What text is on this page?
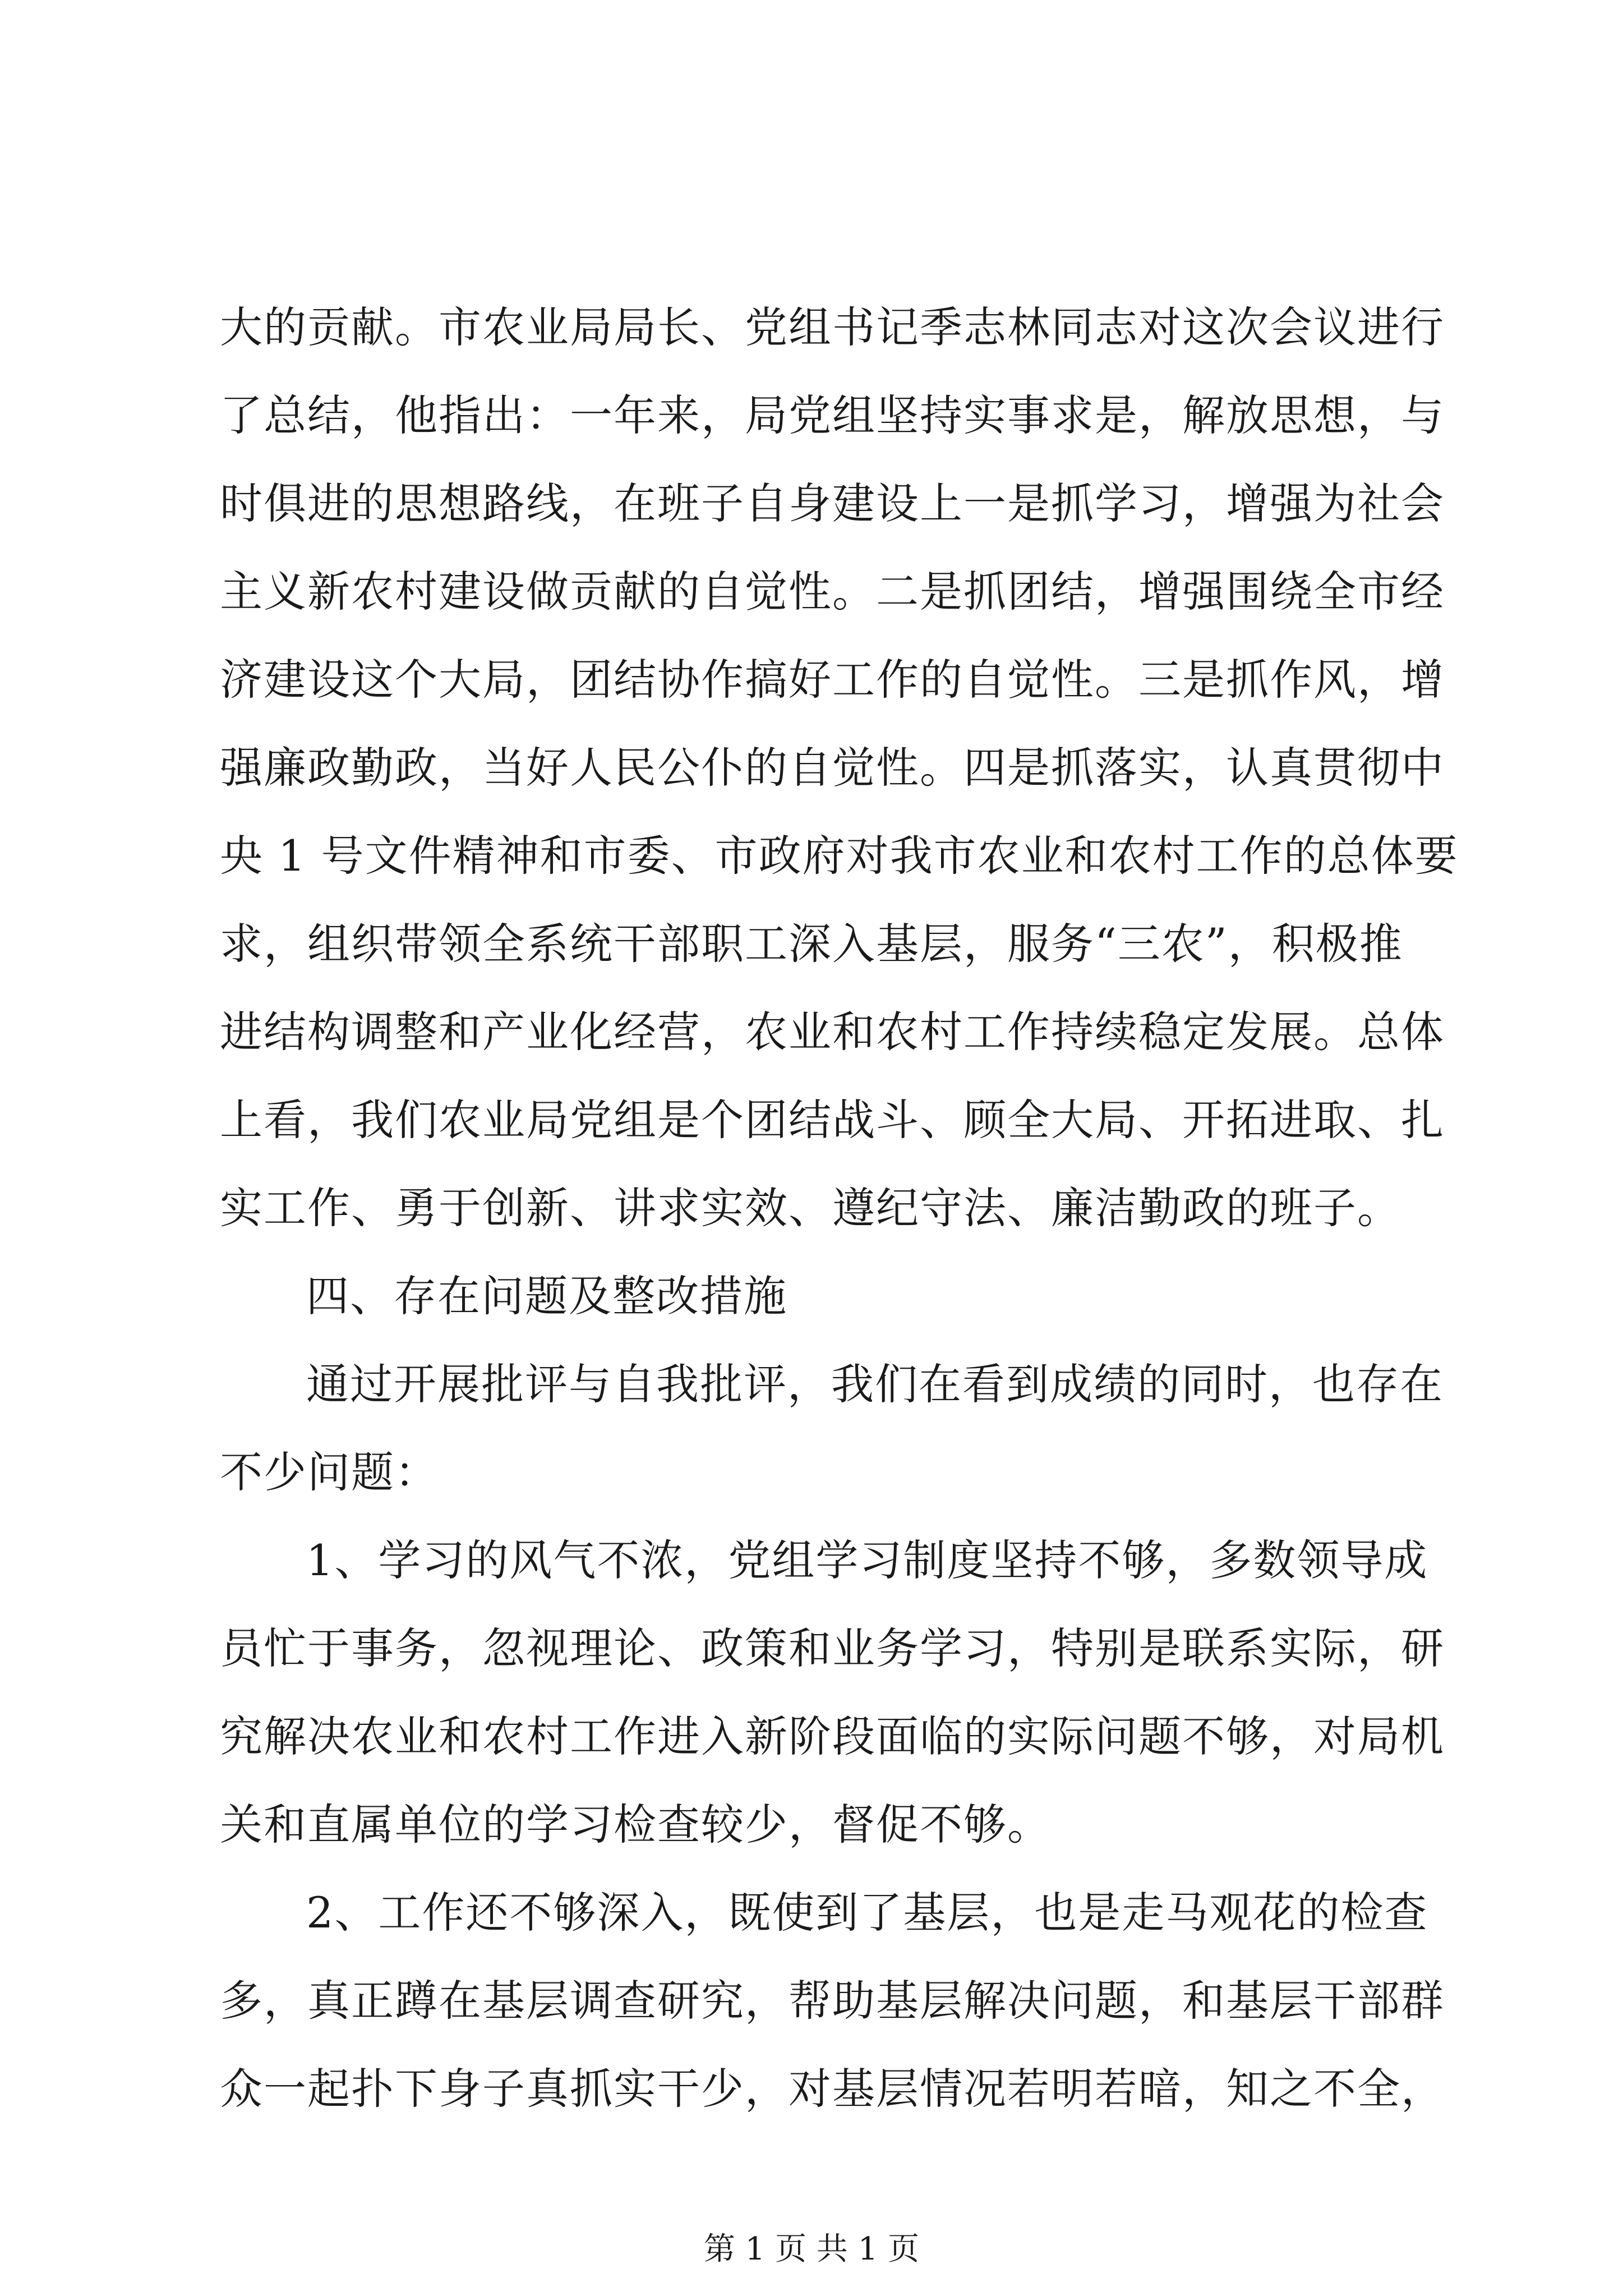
大的贡献。市农业局局长、党组书记季志林同志对这次会议进行
了总结，他指出：一年来，局党组坚持实事求是，解放思想，与
时俱进的思想路线，在班子自身建设上一是抓学习，增强为社会
主义新农村建设做贡献的自觉性。二是抓团结，增强围绕全市经
济建设这个大局，团结协作搞好工作的自觉性。三是抓作风，增
强廉政勤政，当好人民公仆的自觉性。四是抓落实，认真贯彻中
央 1 号文件精神和市委、市政府对我市农业和农村工作的总体要
求，组织带领全系统干部职工深入基层，服务“三农”，积极推
进结构调整和产业化经营，农业和农村工作持续稳定发展。总体
上看，我们农业局党组是个团结战斗、顾全大局、开拓进取、扎
实工作、勇于创新、讲求实效、遵纪守法、廉洁勤政的班子。
四、存在问题及整改措施
通过开展批评与自我批评，我们在看到成绩的同时，也存在
不少问题：
1、学习的风气不浓，党组学习制度坚持不够，多数领导成
员忙于事务，忽视理论、政策和业务学习，特别是联系实际，研
究解决农业和农村工作进入新阶段面临的实际问题不够，对局机
关和直属单位的学习检查较少，督促不够。
2、工作还不够深入，既使到了基层，也是走马观花的检查
多，真正蹲在基层调查研究，帮助基层解决问题，和基层干部群
众一起扑下身子真抓实干少，对基层情况若明若暗，知之不全，
第 1 页 共 1 页
